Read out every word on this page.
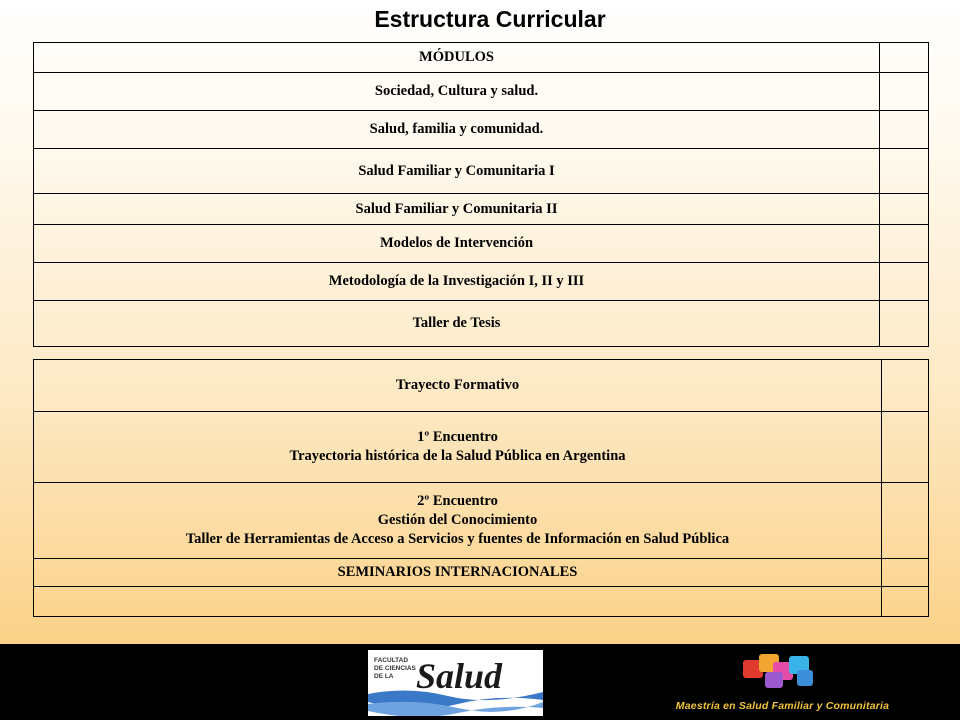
Estructura Curricular
MÓDULOS	
Sociedad, Cultura y salud.	
Salud, familia y comunidad.	
Salud Familiar y Comunitaria I	
Salud Familiar y Comunitaria II	
Modelos de Intervención	
Metodología de la Investigación I, II y III	
Taller de Tesis	
Trayecto Formativo	

1º Encuentro
Trayectoria histórica de la Salud Pública en Argentina	

2º Encuentro
Gestión del Conocimiento
Taller de Herramientas de Acceso a Servicios y fuentes de Información en Salud Pública	

SEMINARIOS INTERNACIONALES	

FACULTAD
DE CIENCIAS
DE LA Salud
Maestría en Salud Familiar y Comunitaria
